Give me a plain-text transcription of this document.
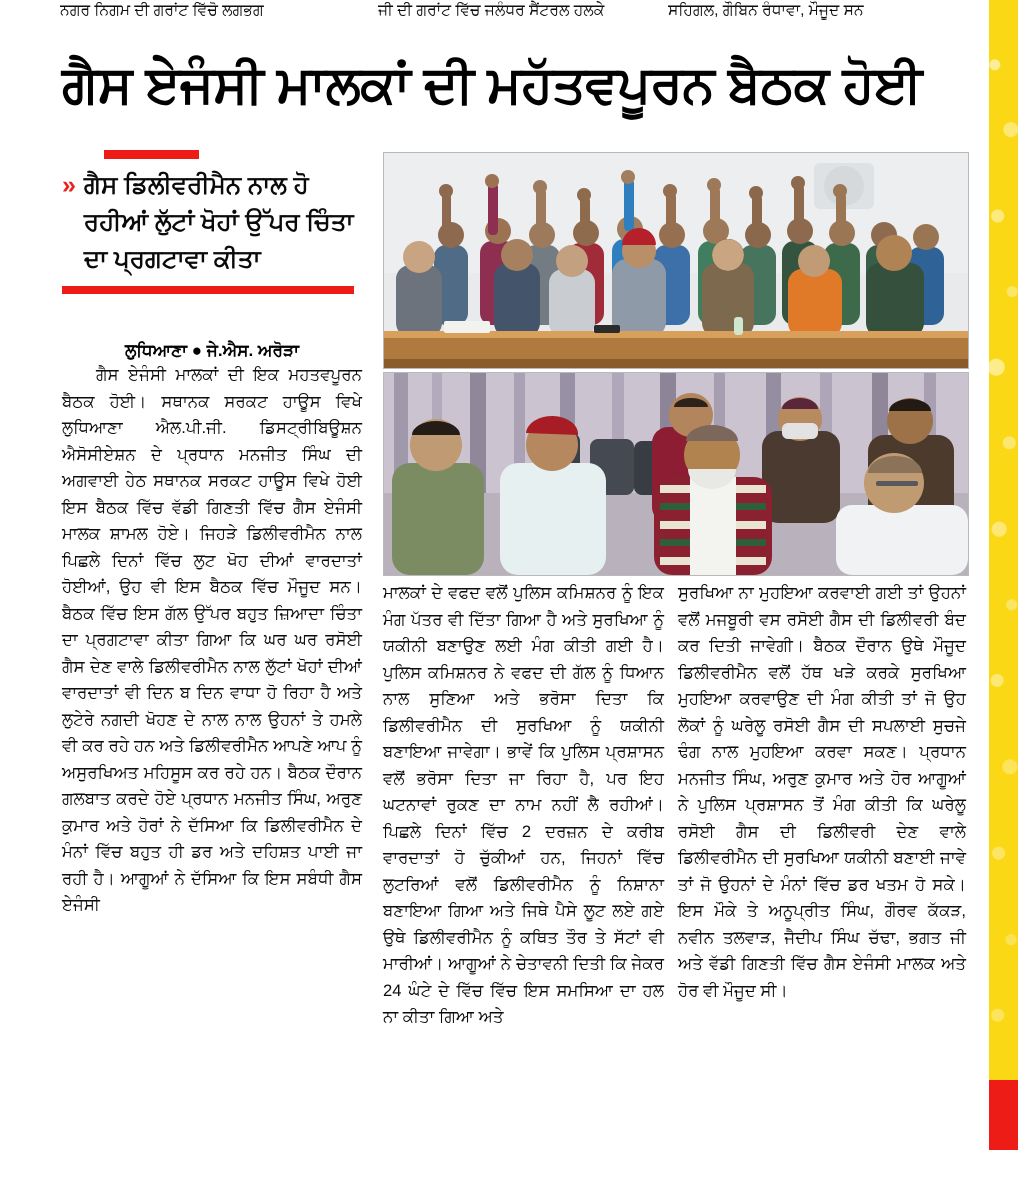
ਨਗਰ ਨਿਗਮ ਦੀ ਗਰਾਂਟ ਵਿੱਚੋ ਲਗਭਗ	ਜੀ ਦੀ ਗਰਾਂਟ ਵਿੱਚ ਜਲੰਧਰ ਸੈਂਟਰਲ ਹਲਕੇ	ਸਹਿਗਲ, ਗੌਬਿਨ ਰੰਧਾਵਾ, ਮੌਜੂਦ ਸਨ
ਗੈਸ ਏਜੰਸੀ ਮਾਲਕਾਂ ਦੀ ਮਹੱਤਵਪੂਰਨ ਬੈਠਕ ਹੋਈ
» ਗੈਸ ਡਿਲੀਵਰੀਮੈਨ ਨਾਲ ਹੋ ਰਹੀਆਂ ਲੁੱਟਾਂ ਖੋਹਾਂ ਉੱਪਰ ਚਿੰਤਾ ਦਾ ਪ੍ਰਗਟਾਵਾ ਕੀਤਾ
ਲੁਧਿਆਣਾ ● ਜੇ.ਐਸ. ਅਰੋੜਾ

ਗੈਸ ਏਜੰਸੀ ਮਾਲਕਾਂ ਦੀ ਇਕ ਮਹਤਵਪੂਰਨ ਬੈਠਕ ਹੋਈ। ਸਥਾਨਕ ਸਰਕਟ ਹਾਊਸ ਵਿਖੇ ਲੁਧਿਆਣਾ ਐਲ.ਪੀ.ਜੀ. ਡਿਸਟ੍ਰੀਬਿਊਸ਼ਨ ਐਸੋਸੀਏਸ਼ਨ ਦੇ ਪ੍ਰਧਾਨ ਮਨਜੀਤ ਸਿੰਘ ਦੀ ਅਗਵਾਈ ਹੇਠ ਸਥਾਨਕ ਸਰਕਟ ਹਾਊਸ ਵਿਖੇ ਹੋਈ ਇਸ ਬੈਠਕ ਵਿੱਚ ਵੱਡੀ ਗਿਣਤੀ ਵਿੱਚ ਗੈਸ ਏਜੰਸੀ ਮਾਲਕ ਸ਼ਾਮਲ ਹੋਏ। ਜਿਹੜੇ ਡਿਲੀਵਰੀਮੈਨ ਨਾਲ ਪਿਛਲੇ ਦਿਨਾਂ ਵਿੱਚ ਲੁਟ ਖੋਹ ਦੀਆਂ ਵਾਰਦਾਤਾਂ ਹੋਈਆਂ, ਉਹ ਵੀ ਇਸ ਬੈਠਕ ਵਿੱਚ ਮੌਜੂਦ ਸਨ। ਬੈਠਕ ਵਿੱਚ ਇਸ ਗੱਲ ਉੱਪਰ ਬਹੁਤ ਜ਼ਿਆਦਾ ਚਿੰਤਾ ਦਾ ਪ੍ਰਗਟਾਵਾ ਕੀਤਾ ਗਿਆ ਕਿ ਘਰ ਘਰ ਰਸੋਈ ਗੈਸ ਦੇਣ ਵਾਲੇ ਡਿਲੀਵਰੀਮੈਨ ਨਾਲ ਲੁੱਟਾਂ ਖੋਹਾਂ ਦੀਆਂ ਵਾਰਦਾਤਾਂ ਵੀ ਦਿਨ ਬ ਦਿਨ ਵਾਧਾ ਹੋ ਰਿਹਾ ਹੈ ਅਤੇ ਲੁਟੇਰੇ ਨਗਦੀ ਖੋਹਣ ਦੇ ਨਾਲ ਨਾਲ ਉਹਨਾਂ ਤੇ ਹਮਲੇ ਵੀ ਕਰ ਰਹੇ ਹਨ ਅਤੇ ਡਿਲੀਵਰੀਮੈਨ ਆਪਣੇ ਆਪ ਨੂੰ ਅਸੁਰਖਿਅਤ ਮਹਿਸੂਸ ਕਰ ਰਹੇ ਹਨ। ਬੈਠਕ ਦੌਰਾਨ ਗਲਬਾਤ ਕਰਦੇ ਹੋਏ ਪ੍ਰਧਾਨ ਮਨਜੀਤ ਸਿੰਘ, ਅਰੁਣ ਕੁਮਾਰ ਅਤੇ ਹੋਰਾਂ ਨੇ ਦੱਸਿਆ ਕਿ ਡਿਲੀਵਰੀਮੈਨ ਦੇ ਮੰਨਾਂ ਵਿੱਚ ਬਹੁਤ ਹੀ ਡਰ ਅਤੇ ਦਹਿਸ਼ਤ ਪਾਈ ਜਾ ਰਹੀ ਹੈ। ਆਗੂਆਂ ਨੇ ਦੱਸਿਆ ਕਿ ਇਸ ਸਬੰਧੀ ਗੈਸ ਏਜੰਸੀ

ਮਾਲਕਾਂ ਦੇ ਵਫਦ ਵਲੋਂ ਪੁਲਿਸ ਕਮਿਸ਼ਨਰ ਨੂੰ ਇਕ ਮੰਗ ਪੱਤਰ ਵੀ ਦਿੱਤਾ ਗਿਆ ਹੈ ਅਤੇ ਸੁਰਖਿਆ ਨੂੰ ਯਕੀਨੀ ਬਣਾਉਣ ਲਈ ਮੰਗ ਕੀਤੀ ਗਈ ਹੈ। ਪੁਲਿਸ ਕਮਿਸ਼ਨਰ ਨੇ ਵਫਦ ਦੀ ਗੱਲ ਨੂੰ ਧਿਆਨ ਨਾਲ ਸੁਣਿਆ ਅਤੇ ਭਰੋਸਾ ਦਿਤਾ ਕਿ ਡਿਲੀਵਰੀਮੈਨ ਦੀ ਸੁਰਖਿਆ ਨੂੰ ਯਕੀਨੀ ਬਣਾਇਆ ਜਾਵੇਗਾ। ਭਾਵੇਂ ਕਿ ਪੁਲਿਸ ਪ੍ਰਸ਼ਾਸਨ ਵਲੋਂ ਭਰੋਸਾ ਦਿਤਾ ਜਾ ਰਿਹਾ ਹੈ, ਪਰ ਇਹ ਘਟਨਾਵਾਂ ਰੁਕਣ ਦਾ ਨਾਮ ਨਹੀਂ ਲੈ ਰਹੀਆਂ। ਪਿਛਲੇ ਦਿਨਾਂ ਵਿੱਚ 2 ਦਰਜ਼ਨ ਦੇ ਕਰੀਬ ਵਾਰਦਾਤਾਂ ਹੋ ਚੁੱਕੀਆਂ ਹਨ, ਜਿਹਨਾਂ ਵਿੱਚ ਲੁਟਰਿਆਂ ਵਲੋਂ ਡਿਲੀਵਰੀਮੈਨ ਨੂੰ ਨਿਸ਼ਾਨਾ ਬਣਾਇਆ ਗਿਆ ਅਤੇ ਜਿਥੇ ਪੈਸੇ ਲੂਟ ਲਏ ਗਏ ਉਥੇ ਡਿਲੀਵਰੀਮੈਨ ਨੂੰ ਕਥਿਤ ਤੌਰ ਤੇ ਸੱਟਾਂ ਵੀ ਮਾਰੀਆਂ। ਆਗੂਆਂ ਨੇ ਚੇਤਾਵਨੀ ਦਿਤੀ ਕਿ ਜੇਕਰ 24 ਘੰਟੇ ਦੇ ਵਿੱਚ ਵਿੱਚ ਇਸ ਸਮਸਿਆ ਦਾ ਹਲ ਨਾ ਕੀਤਾ ਗਿਆ ਅਤੇ

ਸੁਰਖਿਆ ਨਾ ਮੁਹਇਆ ਕਰਵਾਈ ਗਈ ਤਾਂ ਉਹਨਾਂ ਵਲੋਂ ਮਜਬੂਰੀ ਵਸ ਰਸੋਈ ਗੈਸ ਦੀ ਡਿਲੀਵਰੀ ਬੰਦ ਕਰ ਦਿਤੀ ਜਾਵੇਗੀ। ਬੈਠਕ ਦੌਰਾਨ ਉਥੇ ਮੌਜੂਦ ਡਿਲੀਵਰੀਮੈਨ ਵਲੋਂ ਹੱਥ ਖੜੇ ਕਰਕੇ ਸੁਰਖਿਆ ਮੁਹਇਆ ਕਰਵਾਉਣ ਦੀ ਮੰਗ ਕੀਤੀ ਤਾਂ ਜੋ ਉਹ ਲੋਕਾਂ ਨੂੰ ਘਰੇਲੂ ਰਸੋਈ ਗੈਸ ਦੀ ਸਪਲਾਈ ਸੁਚਜੇ ਢੰਗ ਨਾਲ ਮੁਹਇਆ ਕਰਵਾ ਸਕਣ। ਪ੍ਰਧਾਨ ਮਨਜੀਤ ਸਿੰਘ, ਅਰੁਣ ਕੁਮਾਰ ਅਤੇ ਹੋਰ ਆਗੂਆਂ ਨੇ ਪੁਲਿਸ ਪ੍ਰਸ਼ਾਸਨ ਤੋਂ ਮੰਗ ਕੀਤੀ ਕਿ ਘਰੇਲੂ ਰਸੋਈ ਗੈਸ ਦੀ ਡਿਲੀਵਰੀ ਦੇਣ ਵਾਲੇ ਡਿਲੀਵਰੀਮੈਨ ਦੀ ਸੁਰਖਿਆ ਯਕੀਨੀ ਬਣਾਈ ਜਾਵੇ ਤਾਂ ਜੋ ਉਹਨਾਂ ਦੇ ਮੰਨਾਂ ਵਿੱਚ ਡਰ ਖਤਮ ਹੋ ਸਕੇ। ਇਸ ਮੌਕੇ ਤੇ ਅਨੂਪ੍ਰੀਤ ਸਿੰਘ, ਗੌਰਵ ਕੱਕੜ, ਨਵੀਨ ਤਲਵਾੜ, ਜੈਦੀਪ ਸਿੰਘ ਚੱਢਾ, ਭਗਤ ਜੀ ਅਤੇ ਵੱਡੀ ਗਿਣਤੀ ਵਿੱਚ ਗੈਸ ਏਜੰਸੀ ਮਾਲਕ ਅਤੇ ਹੋਰ ਵੀ ਮੌਜੂਦ ਸੀ।
